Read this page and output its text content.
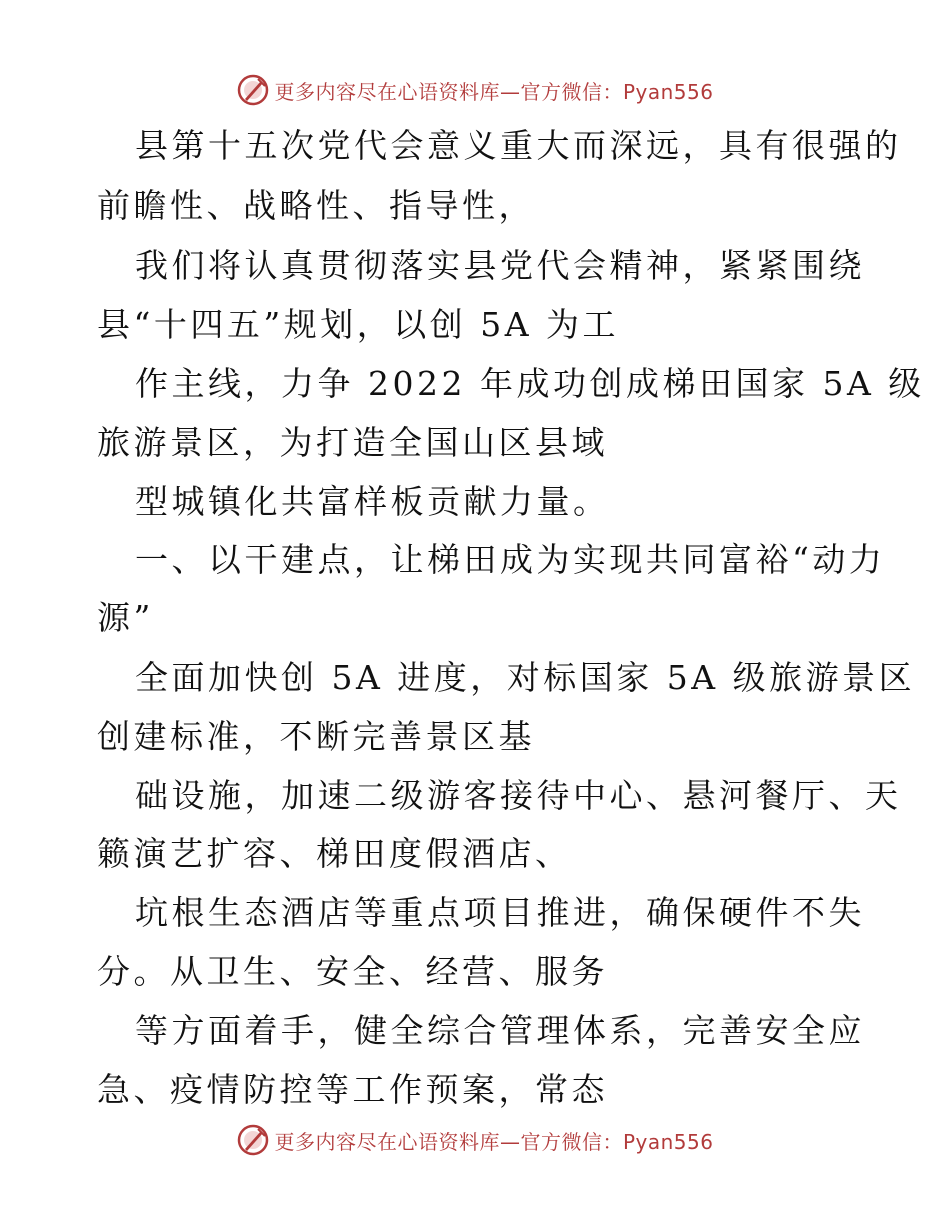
更多内容尽在心语资料库—官方微信：Pyan556
县第十五次党代会意义重大而深远，具有很强的
前瞻性、战略性、指导性，
我们将认真贯彻落实县党代会精神，紧紧围绕
县“十四五”规划，以创 5A 为工
作主线，力争 2022 年成功创成梯田国家 5A 级
旅游景区，为打造全国山区县域
型城镇化共富样板贡献力量。
一、以干建点，让梯田成为实现共同富裕“动力
源”
全面加快创 5A 进度，对标国家 5A 级旅游景区
创建标准，不断完善景区基
础设施，加速二级游客接待中心、悬河餐厅、天
籁演艺扩容、梯田度假酒店、
坑根生态酒店等重点项目推进，确保硬件不失
分。从卫生、安全、经营、服务
等方面着手，健全综合管理体系，完善安全应
急、疫情防控等工作预案，常态
更多内容尽在心语资料库—官方微信：Pyan556
